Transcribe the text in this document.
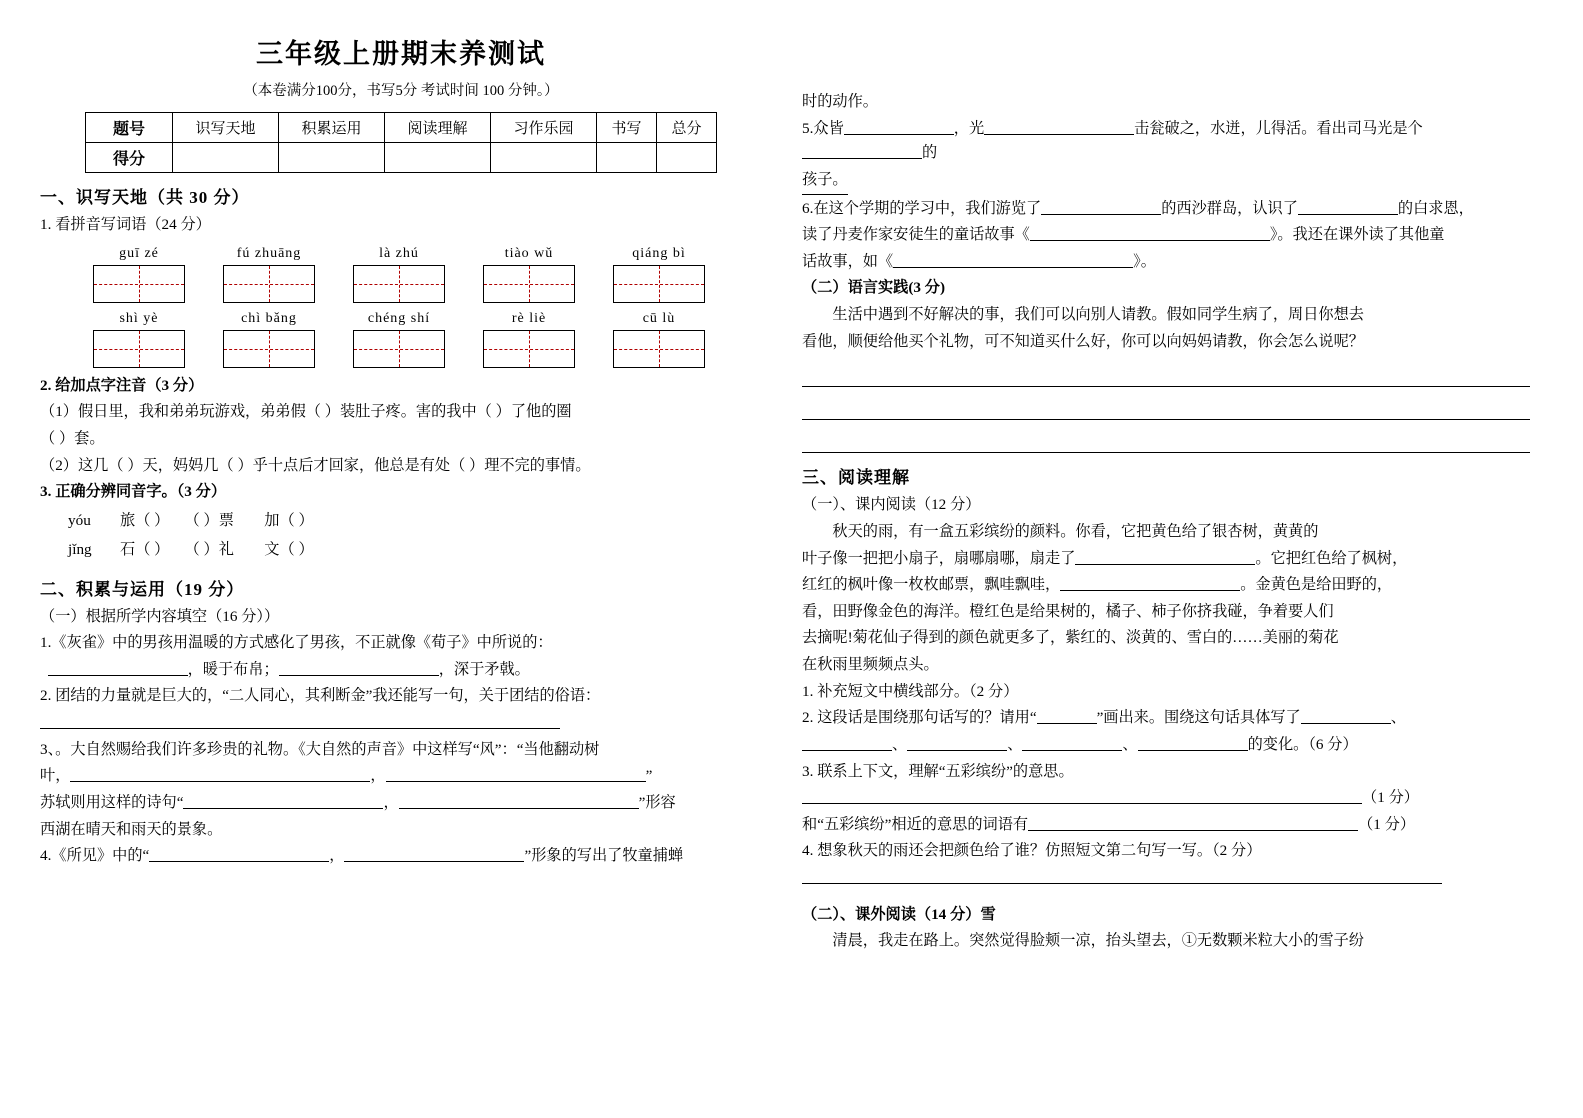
三年级上册期末养测试
（本卷满分100分，书写5分 考试时间 100 分钟。）
题号	识写天地	积累运用	阅读理解	习作乐园	书写	总分
得分						
一、识写天地（共 30 分）
1. 看拼音写词语（24 分）
guī zé	fú zhuāng	là zhú	tiào wǔ	qiáng bì
shì yè	chì bǎng	chéng shí	rè liè	cū lù
2. 给加点字注音（3 分）
（1）假日里，我和弟弟玩游戏，弟弟假（ ）装肚子疼。害的我中（ ）了他的圈
（ ）套。
（2）这几（ ）天，妈妈几（ ）乎十点后才回家，他总是有处（ ）理不完的事情。
3. 正确分辨同音字。（3 分）
yóu 旅（ ）　　（ ）票　　加（ ）
jǐng 石（ ）　　（ ）礼　　文（ ）
二、积累与运用（19 分）
（一）根据所学内容填空（16 分））
1.《灰雀》中的男孩用温暖的方式感化了男孩，不正就像《荀子》中所说的：
，暖于布帛；	，深于矛戟。
2. 团结的力量就是巨大的，“二人同心，其利断金”我还能写一句，关于团结的俗语：
3、。大自然赐给我们许多珍贵的礼物。《大自然的声音》中这样写“风”：“当他翻动树
叶，	，	”
苏轼则用这样的诗句“	，	”形容
西湖在晴天和雨天的景象。
4.《所见》中的“	，	”形象的写出了牧童捕蝉
时的动作。
5.众皆	，光	击瓮破之，水迸，儿得活。看出司马光是个的
孩子。
6.在这个学期的学习中，我们游览了	的西沙群岛，认识了	的白求恩，
读了丹麦作家安徒生的童话故事《	》。我还在课外读了其他童
话故事，如《	》。
（二）语言实践(3 分)
生活中遇到不好解决的事，我们可以向别人请教。假如同学生病了，周日你想去
看他，顺便给他买个礼物，可不知道买什么好，你可以向妈妈请教，你会怎么说呢？
三、阅读理解
（一）、课内阅读（12 分）
秋天的雨，有一盒五彩缤纷的颜料。你看，它把黄色给了银杏树，黄黄的
叶子像一把把小扇子，扇哪扇哪，扇走了	。它把红色给了枫树，
红红的枫叶像一枚枚邮票，飘哇飘哇，	。金黄色是给田野的，
看，田野像金色的海洋。橙红色是给果树的，橘子、柿子你挤我碰，争着要人们
去摘呢!菊花仙子得到的颜色就更多了，紫红的、淡黄的、雪白的……美丽的菊花
在秋雨里频频点头。
1. 补充短文中横线部分。（2 分）
2. 这段话是围绕那句话写的？请用“	”画出来。围绕这句话具体写了	、
、	、	、	的变化。（6 分）
3. 联系上下文，理解“五彩缤纷”的意思。
（1 分）
和“五彩缤纷”相近的意思的词语有	（1 分）
4. 想象秋天的雨还会把颜色给了谁？仿照短文第二句写一写。（2 分）
（二）、课外阅读（14 分）雪
清晨，我走在路上。突然觉得脸颊一凉，抬头望去，①无数颗米粒大小的雪子纷
